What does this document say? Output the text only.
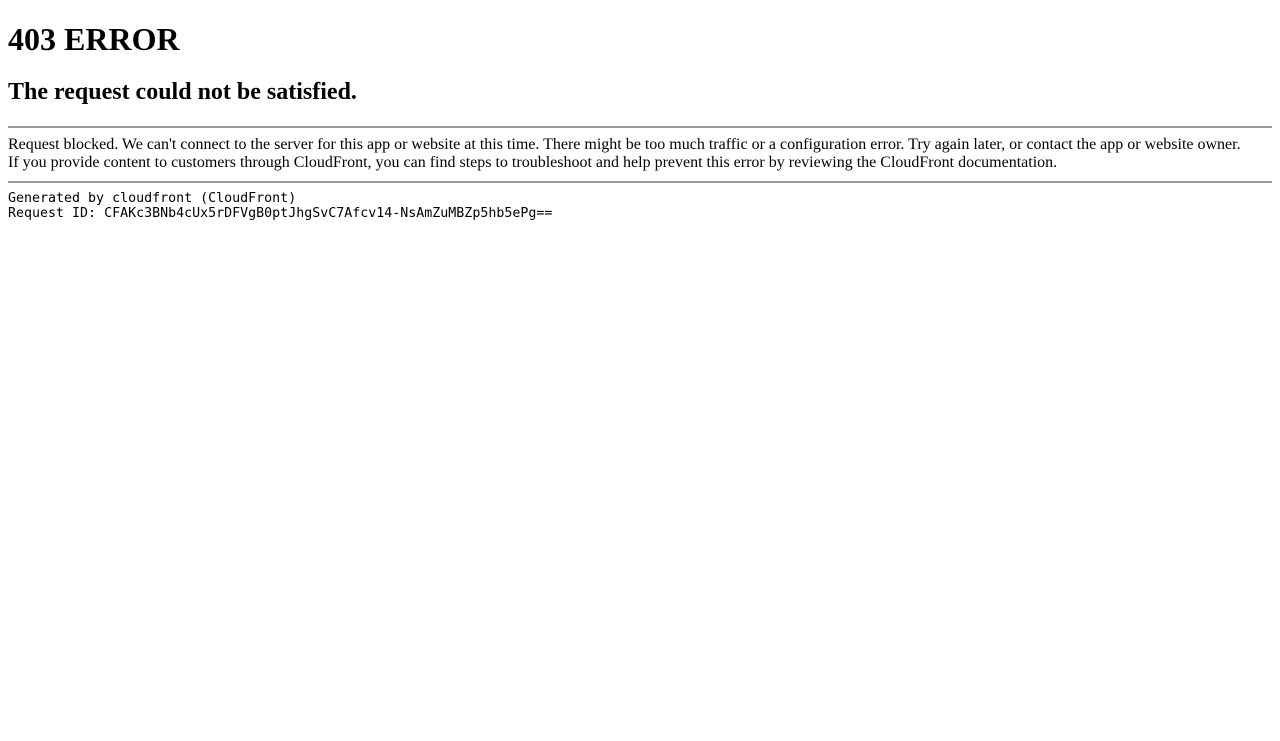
403 ERROR
The request could not be satisfied.
Request blocked. We can't connect to the server for this app or website at this time. There might be too much traffic or a configuration error. Try again later, or contact the app or website owner.
If you provide content to customers through CloudFront, you can find steps to troubleshoot and help prevent this error by reviewing the CloudFront documentation.
Generated by cloudfront (CloudFront)
Request ID: CFAKc3BNb4cUx5rDFVgB0ptJhgSvC7Afcv14-NsAmZuMBZp5hb5ePg==
